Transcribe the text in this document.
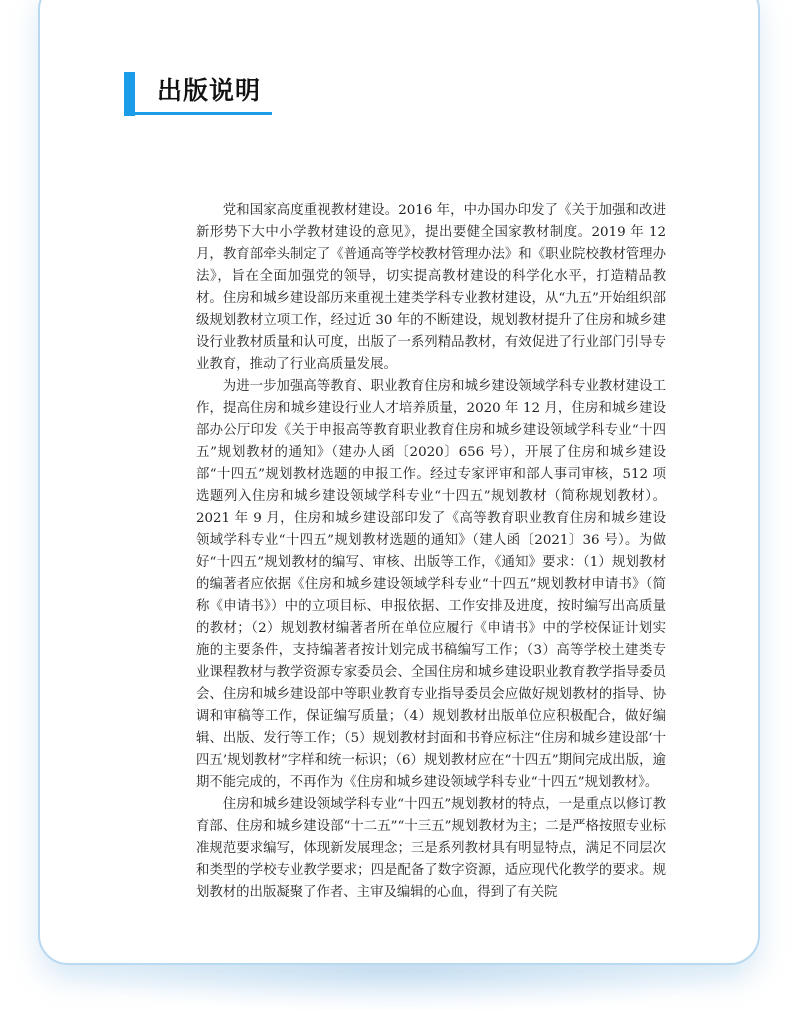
出版说明

党和国家高度重视教材建设。2016 年，中办国办印发了《关于加强和改进新形势下大中小学教材建设的意见》，提出要健全国家教材制度。2019 年 12 月，教育部牵头制定了《普通高等学校教材管理办法》和《职业院校教材管理办法》，旨在全面加强党的领导，切实提高教材建设的科学化水平，打造精品教材。住房和城乡建设部历来重视土建类学科专业教材建设，从“九五”开始组织部级规划教材立项工作，经过近 30 年的不断建设，规划教材提升了住房和城乡建设行业教材质量和认可度，出版了一系列精品教材，有效促进了行业部门引导专业教育，推动了行业高质量发展。

为进一步加强高等教育、职业教育住房和城乡建设领域学科专业教材建设工作，提高住房和城乡建设行业人才培养质量，2020 年 12 月，住房和城乡建设部办公厅印发《关于申报高等教育职业教育住房和城乡建设领域学科专业“十四五”规划教材的通知》（建办人函〔2020〕656 号），开展了住房和城乡建设部“十四五”规划教材选题的申报工作。经过专家评审和部人事司审核，512 项选题列入住房和城乡建设领域学科专业“十四五”规划教材（简称规划教材）。2021 年 9 月，住房和城乡建设部印发了《高等教育职业教育住房和城乡建设领域学科专业“十四五”规划教材选题的通知》（建人函〔2021〕36 号）。为做好“十四五”规划教材的编写、审核、出版等工作，《通知》要求：（1）规划教材的编著者应依据《住房和城乡建设领域学科专业“十四五”规划教材申请书》（简称《申请书》）中的立项目标、申报依据、工作安排及进度，按时编写出高质量的教材；（2）规划教材编著者所在单位应履行《申请书》中的学校保证计划实施的主要条件，支持编著者按计划完成书稿编写工作；（3）高等学校土建类专业课程教材与教学资源专家委员会、全国住房和城乡建设职业教育教学指导委员会、住房和城乡建设部中等职业教育专业指导委员会应做好规划教材的指导、协调和审稿等工作，保证编写质量；（4）规划教材出版单位应积极配合，做好编辑、出版、发行等工作；（5）规划教材封面和书脊应标注“住房和城乡建设部‘十四五’规划教材”字样和统一标识；（6）规划教材应在“十四五”期间完成出版，逾期不能完成的，不再作为《住房和城乡建设领域学科专业“十四五”规划教材》。

住房和城乡建设领域学科专业“十四五”规划教材的特点，一是重点以修订教育部、住房和城乡建设部“十二五”“十三五”规划教材为主；二是严格按照专业标准规范要求编写，体现新发展理念；三是系列教材具有明显特点，满足不同层次和类型的学校专业教学要求；四是配备了数字资源，适应现代化教学的要求。规划教材的出版凝聚了作者、主审及编辑的心血，得到了有关院
